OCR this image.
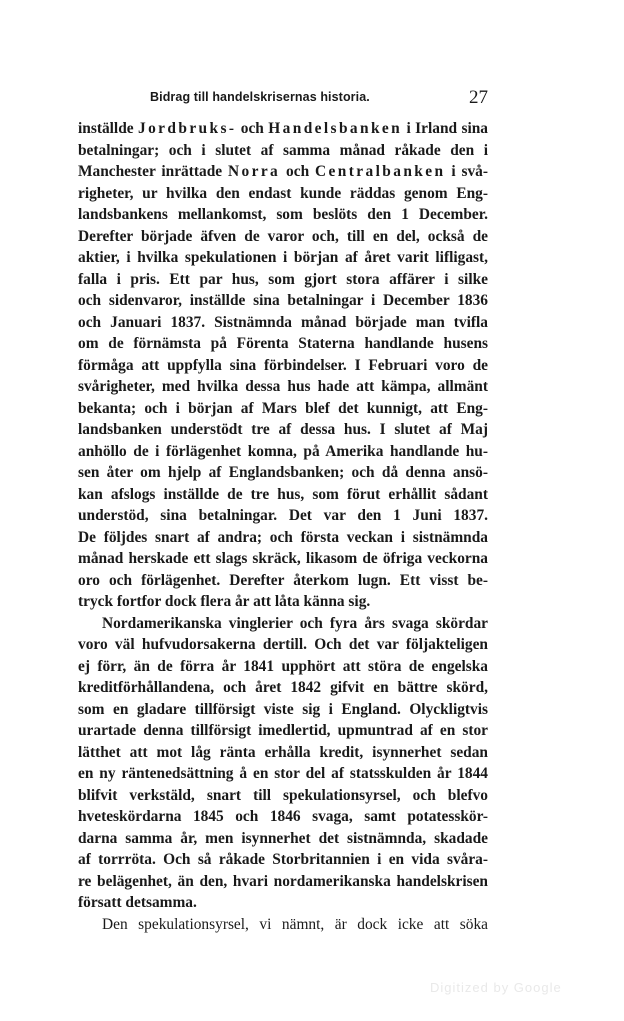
Bidrag till handelskrisernas historia.	27
inställde Jordbruks- och Handelsbanken i Irland sina
betalningar; och i slutet af samma månad råkade den i
Manchester inrättade Norra och Centralbanken i svå-
righeter, ur hvilka den endast kunde räddas genom Eng-
landsbankens mellankomst, som beslöts den 1 December.
Derefter började äfven de varor och, till en del, också de
aktier, i hvilka spekulationen i början af året varit lifligast,
falla i pris. Ett par hus, som gjort stora affärer i silke
och sidenvaror, inställde sina betalningar i December 1836
och Januari 1837. Sistnämnda månad började man tvifla
om de förnämsta på Förenta Staterna handlande husens
förmåga att uppfylla sina förbindelser. I Februari voro de
svårigheter, med hvilka dessa hus hade att kämpa, allmänt
bekanta; och i början af Mars blef det kunnigt, att Eng-
landsbanken understödt tre af dessa hus. I slutet af Maj
anhöllo de i förlägenhet komna, på Amerika handlande hu-
sen åter om hjelp af Englandsbanken; och då denna ansö-
kan afslogs inställde de tre hus, som förut erhållit sådant
understöd, sina betalningar. Det var den 1 Juni 1837.
De följdes snart af andra; och första veckan i sistnämnda
månad herskade ett slags skräck, likasom de öfriga veckorna
oro och förlägenhet. Derefter återkom lugn. Ett visst be-
tryck fortfor dock flera år att låta känna sig.
Nordamerikanska vinglerier och fyra års svaga skördar
voro väl hufvudorsakerna dertill. Och det var följakteligen
ej förr, än de förra år 1841 upphört att störa de engelska
kreditförhållandena, och året 1842 gifvit en bättre skörd,
som en gladare tillförsigt viste sig i England. Olyckligtvis
urartade denna tillförsigt imedlertid, upmuntrad af en stor
lätthet att mot låg ränta erhålla kredit, isynnerhet sedan
en ny räntenedsättning å en stor del af statsskulden år 1844
blifvit verkstäld, snart till spekulationsyrsel, och blefvo
hveteskördarna 1845 och 1846 svaga, samt potatesskör-
darna samma år, men isynnerhet det sistnämnda, skadade
af torrröta. Och så råkade Storbritannien i en vida svåra-
re belägenhet, än den, hvari nordamerikanska handelskrisen
försatt detsamma.
Den spekulationsyrsel, vi nämnt, är dock icke att söka
Digitized by Google
